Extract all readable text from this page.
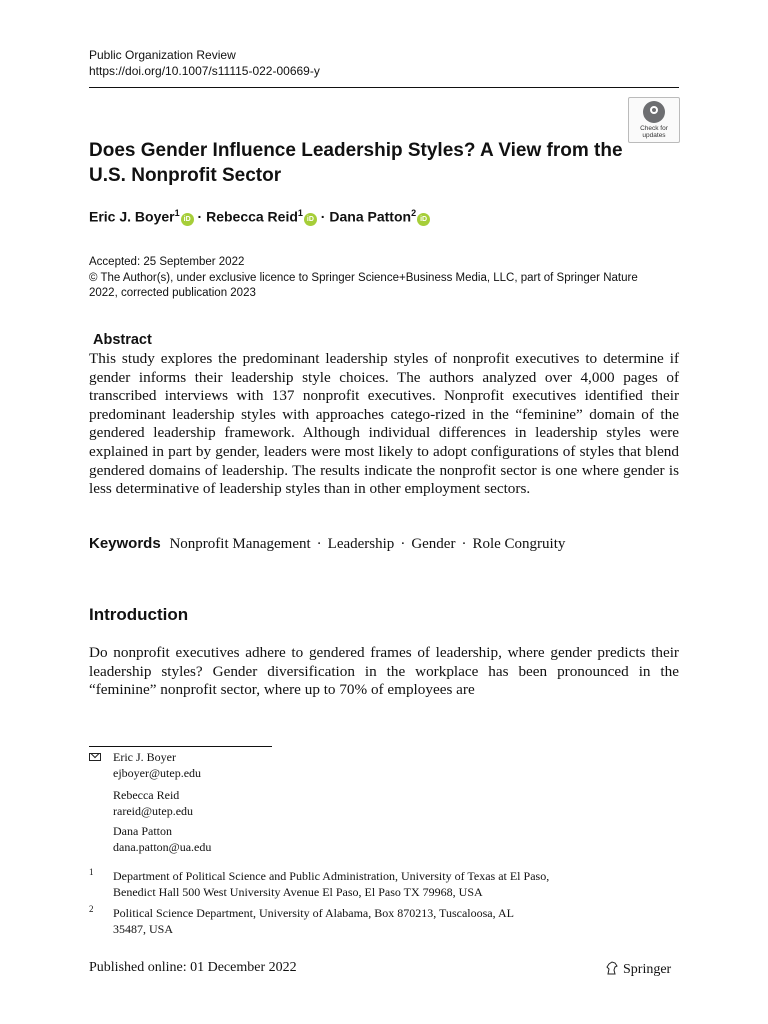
Public Organization Review
https://doi.org/10.1007/s11115-022-00669-y
Check for
updates
Does Gender Influence Leadership Styles? A View from the U.S. Nonprofit Sector
Eric J. Boyer$^1$iD · Rebecca Reid$^1$iD · Dana Patton$^2$iD
Accepted: 25 September 2022
© The Author(s), under exclusive licence to Springer Science+Business Media, LLC, part of Springer Nature 2022, corrected publication 2023
Abstract
This study explores the predominant leadership styles of nonprofit executives to determine if gender informs their leadership style choices. The authors analyzed over 4,000 pages of transcribed interviews with 137 nonprofit executives. Nonprofit executives identified their predominant leadership styles with approaches catego-rized in the “feminine” domain of the gendered leadership framework. Although individual differences in leadership styles were explained in part by gender, leaders were most likely to adopt configurations of styles that blend gendered domains of leadership. The results indicate the nonprofit sector is one where gender is less determinative of leadership styles than in other employment sectors.
Keywords Nonprofit Management · Leadership · Gender · Role Congruity
Introduction
Do nonprofit executives adhere to gendered frames of leadership, where gender predicts their leadership styles? Gender diversification in the workplace has been pronounced in the “feminine” nonprofit sector, where up to 70% of employees are
Eric J. Boyer
ejboyer@utep.edu
Rebecca Reid
rareid@utep.edu
Dana Patton
dana.patton@ua.edu
1 Department of Political Science and Public Administration, University of Texas at El Paso,
Benedict Hall 500 West University Avenue El Paso, El Paso TX 79968, USA
2 Political Science Department, University of Alabama, Box 870213, Tuscaloosa, AL
35487, USA
Published online: 01 December 2022	Springer
